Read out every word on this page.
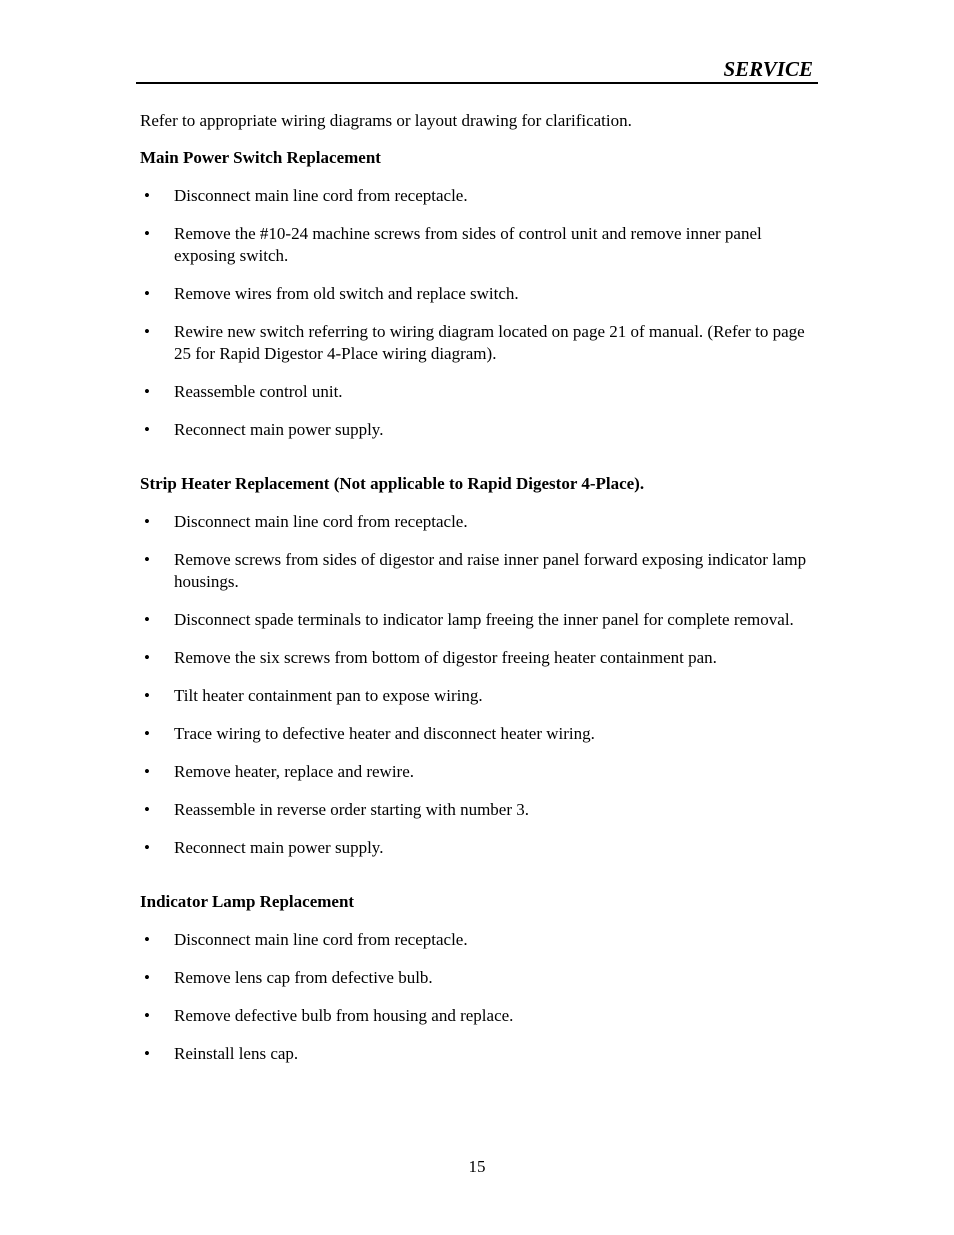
SERVICE

Refer to appropriate wiring diagrams or layout drawing for clarification.

Main Power Switch Replacement
• Disconnect main line cord from receptacle.
• Remove the #10-24 machine screws from sides of control unit and remove inner panel exposing switch.
• Remove wires from old switch and replace switch.
• Rewire new switch referring to wiring diagram located on page 21 of manual. (Refer to page 25 for Rapid Digestor 4-Place wiring diagram).
• Reassemble control unit.
• Reconnect main power supply.
Strip Heater Replacement (Not applicable to Rapid Digestor 4-Place).
• Disconnect main line cord from receptacle.
• Remove screws from sides of digestor and raise inner panel forward exposing indicator lamp housings.
• Disconnect spade terminals to indicator lamp freeing the inner panel for complete removal.
• Remove the six screws from bottom of digestor freeing heater containment pan.
• Tilt heater containment pan to expose wiring.
• Trace wiring to defective heater and disconnect heater wiring.
• Remove heater, replace and rewire.
• Reassemble in reverse order starting with number 3.
• Reconnect main power supply.
Indicator Lamp Replacement
• Disconnect main line cord from receptacle.
• Remove lens cap from defective bulb.
• Remove defective bulb from housing and replace.
• Reinstall lens cap.
15
